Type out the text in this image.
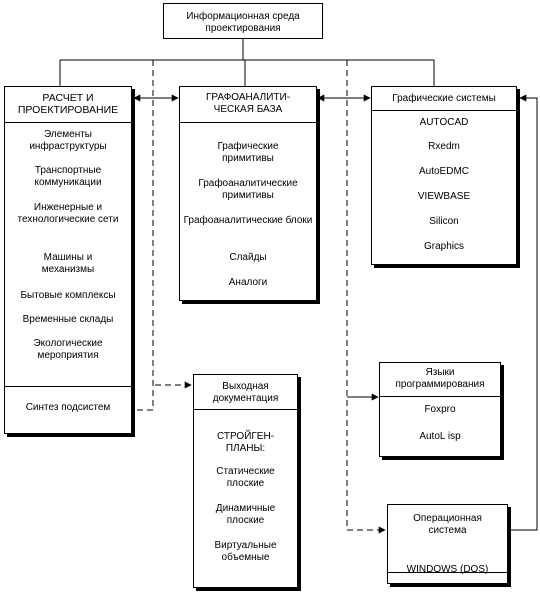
Информационная среда проектирования
РАСЧЕТ И ПРОЕКТИРОВАНИЕ
Элементы инфраструктуры
Транспортные коммуникации
Инженерные и технологические сети
Машины и механизмы
Бытовые комплексы
Временные склады
Экологические мероприятия
Синтез подсистем
ГРАФОАНАЛИТИ-ЧЕСКАЯ БАЗА
Графические примитивы
Графоаналитические примитивы
Графоаналитические блоки
Слайды
Аналоги
Графические системы
AUTOCAD
Rxedm
AutoEDMC
VIEWBASE
Silicon
Graphics
Выходная документация
СТРОЙГЕН-ПЛАНЫ:
Статические плоские
Динамичные плоские
Виртуальные объемные
Языки программирования
Foxpro
AutoL isp
Операционная система
WINDOWS (DOS)
